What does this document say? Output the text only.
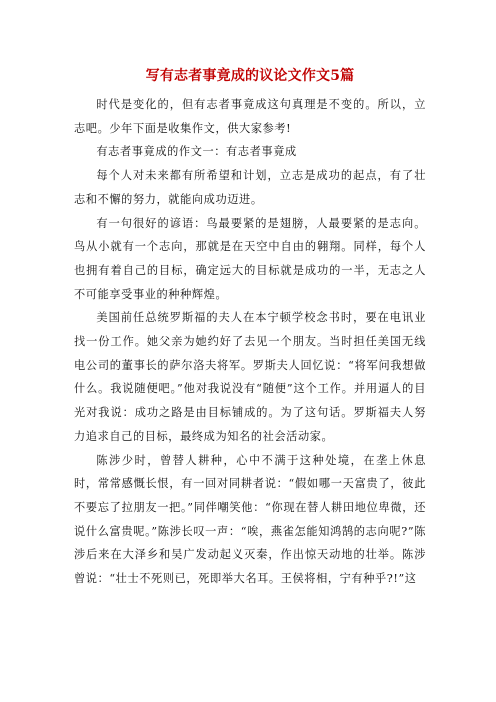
写有志者事竟成的议论文作文5篇

时代是变化的，但有志者事竟成这句真理是不变的。所以，立志吧。少年下面是收集作文，供大家参考!

有志者事竟成的作文一：有志者事竟成

每个人对未来都有所希望和计划，立志是成功的起点，有了壮志和不懈的努力，就能向成功迈进。

有一句很好的谚语：鸟最要紧的是翅膀，人最要紧的是志向。鸟从小就有一个志向，那就是在天空中自由的翱翔。同样，每个人也拥有着自己的目标，确定远大的目标就是成功的一半，无志之人不可能享受事业的种种辉煌。

美国前任总统罗斯福的夫人在本宁顿学校念书时，要在电讯业找一份工作。她父亲为她约好了去见一个朋友。当时担任美国无线电公司的董事长的萨尔洛夫将军。罗斯夫人回忆说：“将军问我想做什么。我说随便吧。”他对我说没有“随便”这个工作。并用逼人的目光对我说：成功之路是由目标铺成的。为了这句话。罗斯福夫人努力追求自己的目标，最终成为知名的社会活动家。

陈涉少时，曾替人耕种，心中不满于这种处境，在垄上休息时，常常感慨长恨，有一回对同耕者说：“假如哪一天富贵了，彼此不要忘了拉朋友一把。”同伴嘲笑他：“你现在替人耕田地位卑微，还说什么富贵呢。”陈涉长叹一声：“唉，燕雀怎能知鸿鹄的志向呢?”陈涉后来在大泽乡和吴广发动起义灭秦，作出惊天动地的壮举。陈涉曾说：“壮士不死则已，死即举大名耳。王侯将相，宁有种乎?!”这
